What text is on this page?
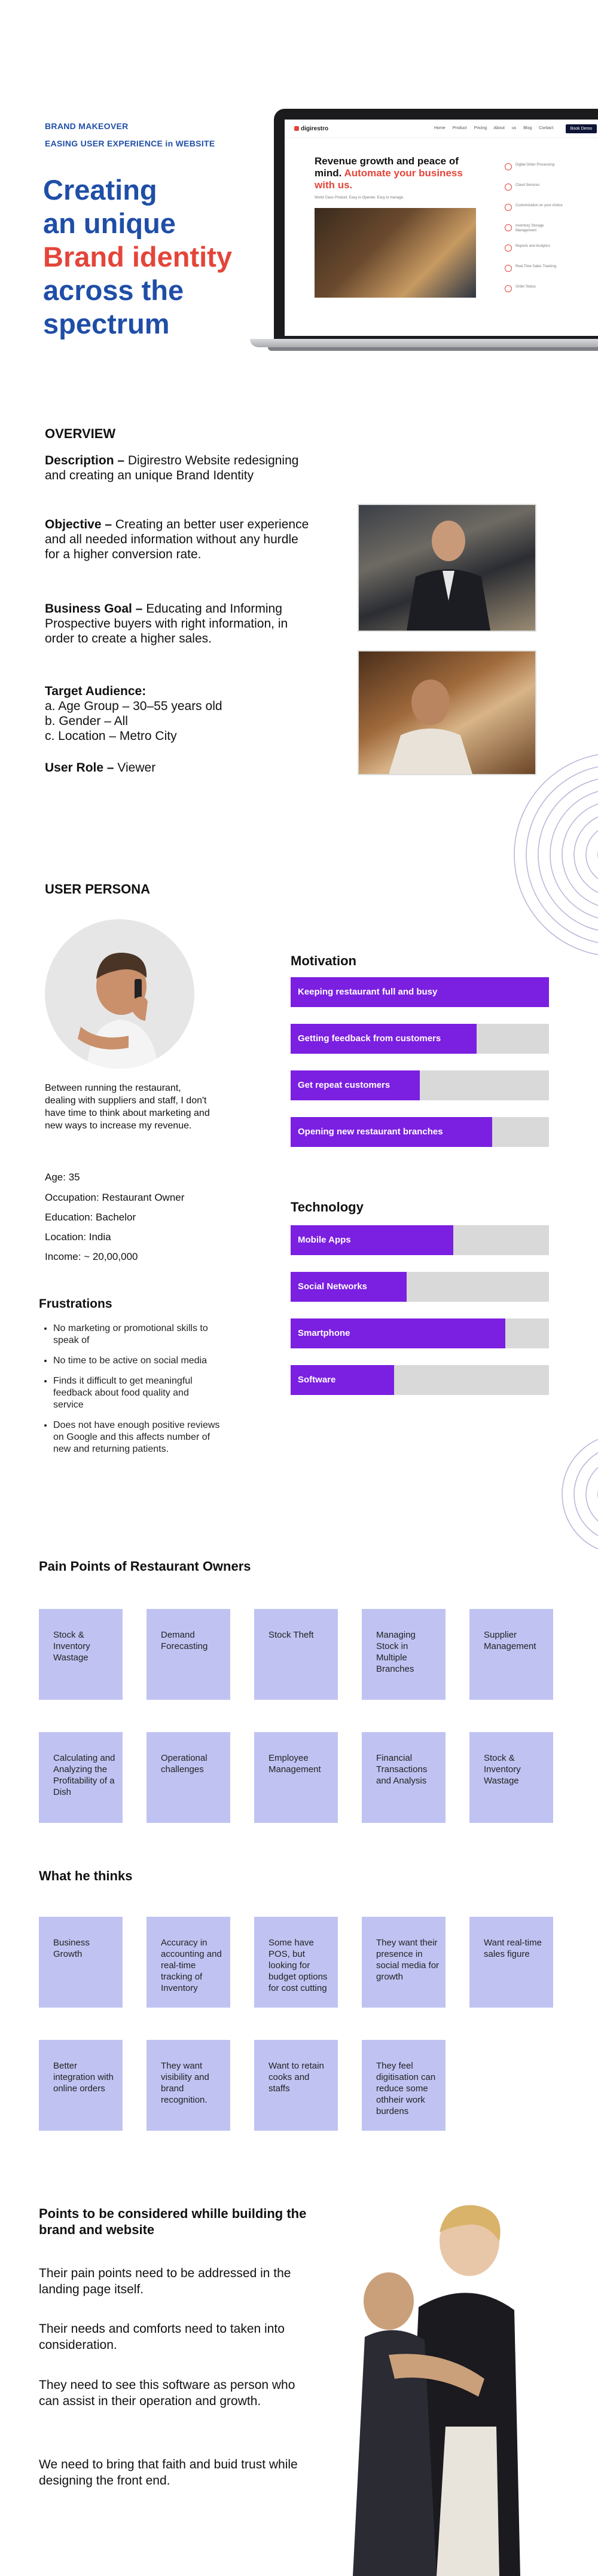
BRAND MAKEOVER
EASING USER EXPERIENCE in WEBSITE
Creating
an unique
Brand identity
across the
spectrum
digirestro	Home Product Pricing About us Blog Contact	Book Demo
Revenue growth and peace of mind. Automate your business with us.
World Class Product. Easy to Operate. Easy to manage.
Digital Order Processing
Cloud Services
Customization on your choice
Inventory Storage Management
Reports and Analytics
Real Time Sales Tracking
Order Status
OVERVIEW
Description – Digirestro Website redesigning and creating an unique Brand Identity
Objective – Creating an better user experience and all needed information without any hurdle for a higher conversion rate.
Business Goal – Educating and Informing Prospective buyers with right information, in order to create a higher sales.
Target Audience:
a. Age Group – 30–55 years old
b. Gender – All
c. Location – Metro City
User Role – Viewer
USER PERSONA
Between running the restaurant, dealing with suppliers and staff, I don't have time to think about marketing and new ways to increase my revenue.
Age: 35
Occupation: Restaurant Owner
Education: Bachelor
Location: India
Income: ~ 20,00,000
Frustrations
• No marketing or promotional skills to speak of
• No time to be active on social media
• Finds it difficult to get meaningful feedback about food quality and service
• Does not have enough positive reviews on Google and this affects number of new and returning patients.
Motivation
Keeping restaurant full and busy
Getting feedback from customers
Get repeat customers
Opening new restaurant branches
Technology
Mobile Apps
Social Networks
Smartphone
Software
Pain Points of Restaurant Owners
Stock & Inventory Wastage
Demand Forecasting
Stock Theft	Managing Stock in Multiple Branches
Supplier Management
Calculating and Analyzing the Profitability of a Dish
Operational challenges
Employee Management
Financial Transactions and Analysis
Stock & Inventory Wastage
What he thinks
Business Growth
Accuracy in accounting and real-time tracking of Inventory
Some have POS, but looking for budget options for cost cutting
They want their presence in social media for growth
Want real-time sales figure
Better integration with online orders
They want visibility and brand recognition.
Want to retain cooks and staffs
They feel digitisation can reduce some othheir work burdens
Points to be considered whille building the brand and website
Their pain points need to be addressed in the landing page itself.
Their needs and comforts need to taken into consideration.
They need to see this software as person who can assist in their operation and growth.
We need to bring that faith and buid trust while designing the front end.
